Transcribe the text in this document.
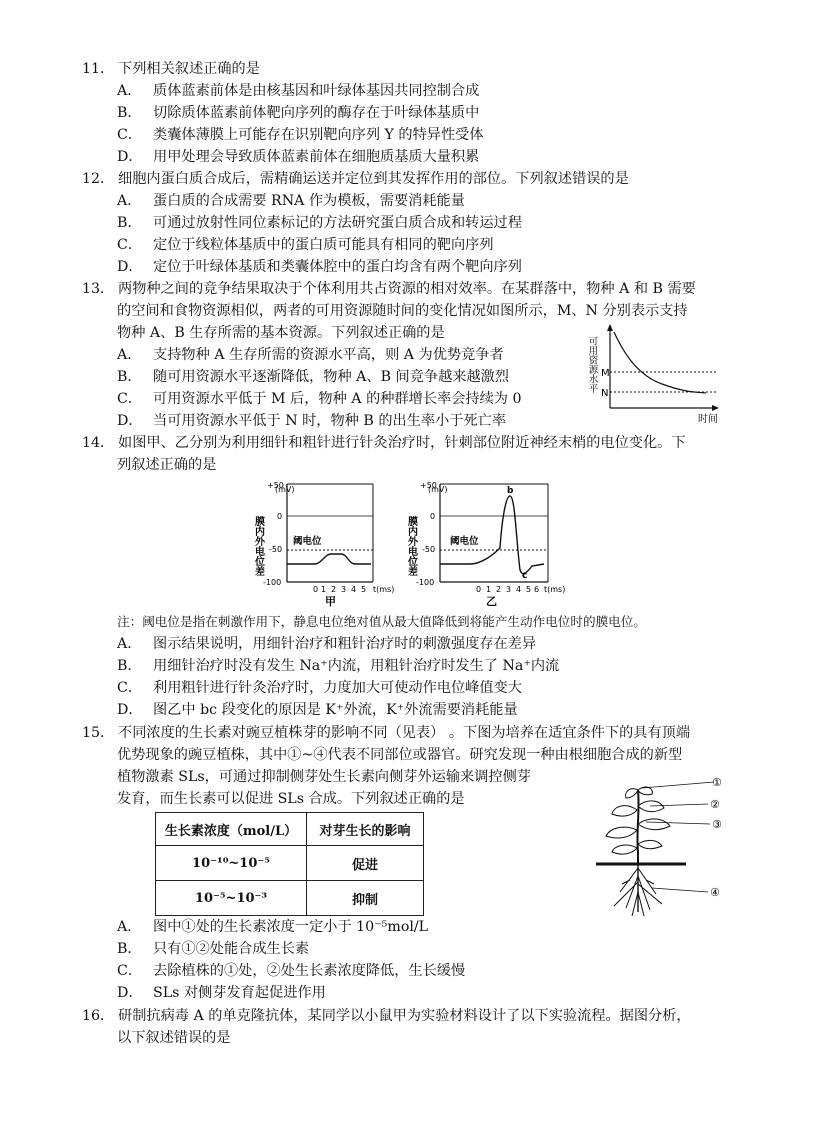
11． 下列相关叙述正确的是
A． 质体蓝素前体是由核基因和叶绿体基因共同控制合成
B． 切除质体蓝素前体靶向序列的酶存在于叶绿体基质中
C． 类囊体薄膜上可能存在识别靶向序列 Y 的特异性受体
D． 用甲处理会导致质体蓝素前体在细胞质基质大量积累
12． 细胞内蛋白质合成后，需精确运送并定位到其发挥作用的部位。下列叙述错误的是
A． 蛋白质的合成需要 RNA 作为模板，需要消耗能量
B． 可通过放射性同位素标记的方法研究蛋白质合成和转运过程
C． 定位于线粒体基质中的蛋白质可能具有相同的靶向序列
D． 定位于叶绿体基质和类囊体腔中的蛋白均含有两个靶向序列
13． 两物种之间的竞争结果取决于个体利用共占资源的相对效率。在某群落中，物种 A 和 B 需要
的空间和食物资源相似，两者的可用资源随时间的变化情况如图所示，M、N 分别表示支持
物种 A、B 生存所需的基本资源。下列叙述正确的是
A． 支持物种 A 生存所需的资源水平高，则 A 为优势竞争者
B． 随可用资源水平逐渐降低，物种 A、B 间竞争越来越激烈
C． 可用资源水平低于 M 后，物种 A 的种群增长率会持续为 0
D． 当可用资源水平低于 N 时，物种 B 的出生率小于死亡率
可用资源水平 M
N
时间
14． 如图甲、乙分别为利用细针和粗针进行针灸治疗时，针刺部位附近神经末梢的电位变化。下
列叙述正确的是
膜内外电位差
(mV)
+50
0
-50
-100
阈电位
0 1 2 3 4 5 t(ms)
甲
膜内外电位差
(mV)
+50
0
-50
-100
阈电位
b
c
0 1 2 3 4 5 6 t(ms)
乙
注：阈电位是指在刺激作用下，静息电位绝对值从最大值降低到将能产生动作电位时的膜电位。
A． 图示结果说明，用细针治疗和粗针治疗时的刺激强度存在差异
B． 用细针治疗时没有发生 Na⁺内流，用粗针治疗时发生了 Na⁺内流
C． 利用粗针进行针灸治疗时，力度加大可使动作电位峰值变大
D． 图乙中 bc 段变化的原因是 K⁺外流，K⁺外流需要消耗能量
15． 不同浓度的生长素对豌豆植株芽的影响不同（见表） 。下图为培养在适宜条件下的具有顶端
优势现象的豌豆植株，其中①~④代表不同部位或器官。研究发现一种由根细胞合成的新型
植物激素 SLs，可通过抑制侧芽处生长素向侧芽外运输来调控侧芽
发育，而生长素可以促进 SLs 合成。下列叙述正确的是
生长素浓度（mol/L）	对芽生长的影响
10⁻¹⁰~10⁻⁵	促进
10⁻⁵~10⁻³	抑制
①
②
③
④
A． 图中①处的生长素浓度一定小于 10⁻⁵mol/L
B． 只有①②处能合成生长素
C． 去除植株的①处，②处生长素浓度降低，生长缓慢
D． SLs 对侧芽发育起促进作用
16． 研制抗病毒 A 的单克隆抗体，某同学以小鼠甲为实验材料设计了以下实验流程。据图分析，
以下叙述错误的是
